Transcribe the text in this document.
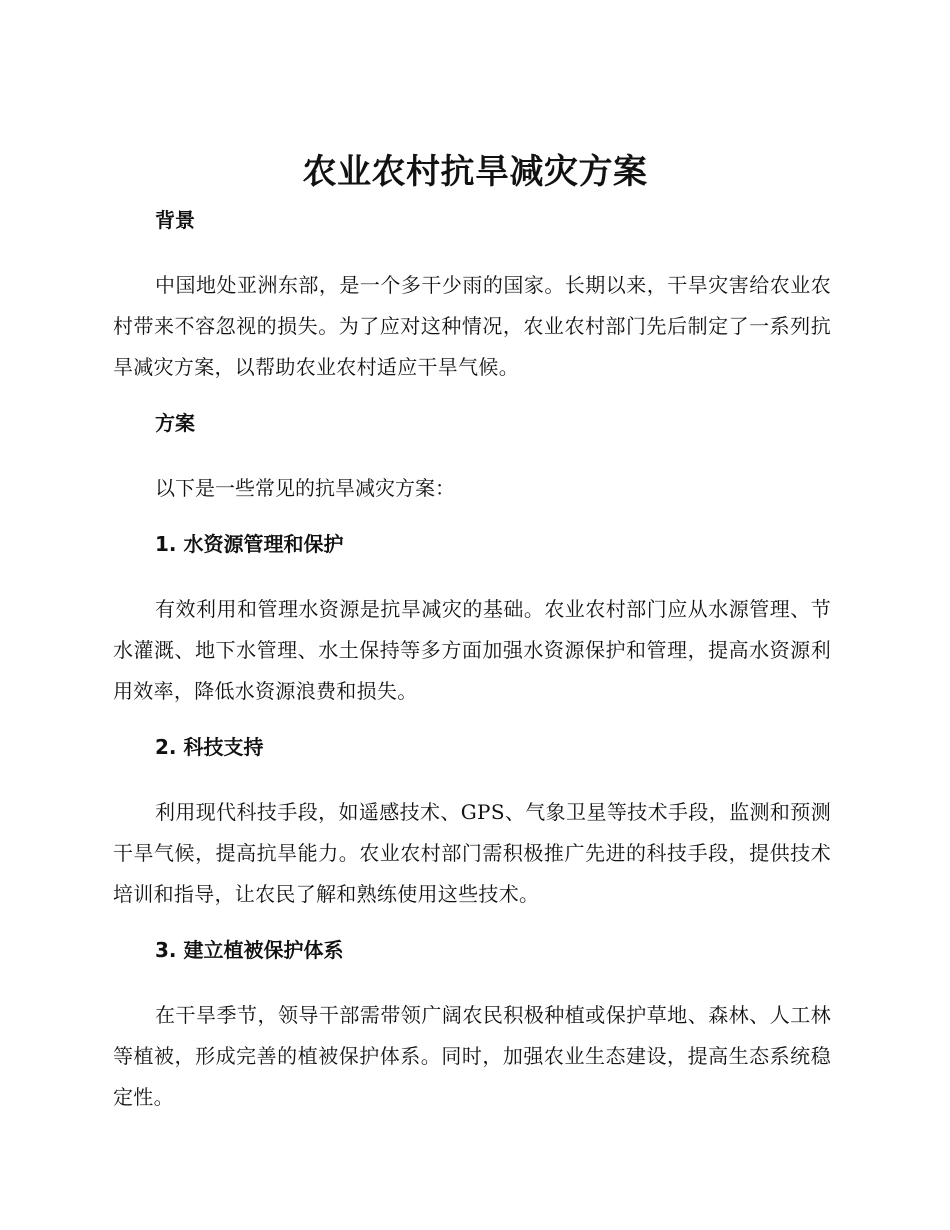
农业农村抗旱减灾方案

背景

中国地处亚洲东部，是一个多干少雨的国家。长期以来，干旱灾害给农业农村带来不容忽视的损失。为了应对这种情况，农业农村部门先后制定了一系列抗旱减灾方案，以帮助农业农村适应干旱气候。

方案

以下是一些常见的抗旱减灾方案：

1. 水资源管理和保护

有效利用和管理水资源是抗旱减灾的基础。农业农村部门应从水源管理、节水灌溉、地下水管理、水土保持等多方面加强水资源保护和管理，提高水资源利用效率，降低水资源浪费和损失。

2. 科技支持

利用现代科技手段，如遥感技术、GPS、气象卫星等技术手段，监测和预测干旱气候，提高抗旱能力。农业农村部门需积极推广先进的科技手段，提供技术培训和指导，让农民了解和熟练使用这些技术。

3. 建立植被保护体系

在干旱季节，领导干部需带领广阔农民积极种植或保护草地、森林、人工林等植被，形成完善的植被保护体系。同时，加强农业生态建设，提高生态系统稳定性。
